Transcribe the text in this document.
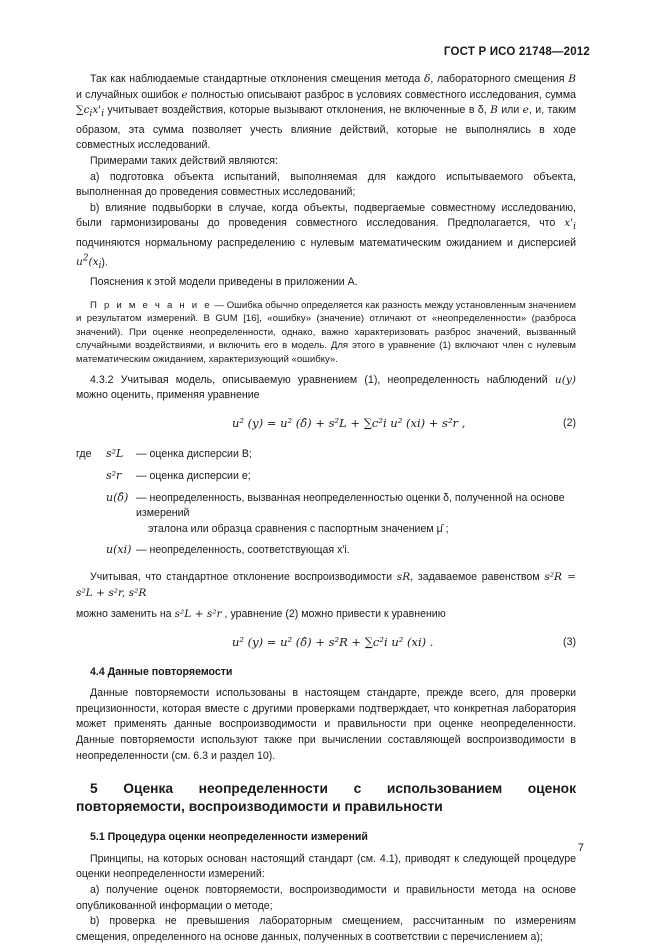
ГОСТ Р ИСО 21748—2012

Так как наблюдаемые стандартные отклонения смещения метода δ, лабораторного смещения B и случайных ошибок e полностью описывают разброс в условиях совместного исследования, сумма $\sum c_ix'_i$ учитывает воздействия, которые вызывают отклонения, не включенные в δ, B или e, и, таким образом, эта сумма позволяет учесть влияние действий, которые не выполнялись в ходе совместных исследований.

Примерами таких действий являются:

a) подготовка объекта испытаний, выполняемая для каждого испытываемого объекта, выполненная до проведения совместных исследований;

b) влияние подвыборки в случае, когда объекты, подвергаемые совместному исследованию, были гармонизированы до проведения совместного исследования. Предполагается, что $x'_i$ подчиняются нормальному распределению с нулевым математическим ожиданием и дисперсией $u^2(x_i)$.

Пояснения к этой модели приведены в приложении А.

П р и м е ч а н и е — Ошибка обычно определяется как разность между установленным значением и результатом измерений. В GUM [16], «ошибку» (значение) отличают от «неопределенности» (разброса значений). При оценке неопределенности, однако, важно характеризовать разброс значений, вызванный случайными воздействиями, и включить его в модель. Для этого в уравнение (1) включают член с нулевым математическим ожиданием, характеризующий «ошибку».

4.3.2 Учитывая модель, описываемую уравнением (1), неопределенность наблюдений u(y) можно оценить, применяя уравнение

u² (y) = u² (δ̂) + s²L + ∑c²i u² (xi) + s²r ,	(2)
где	s²L	— оценка дисперсии B;
s²r	— оценка дисперсии e;
u(δ̂) — неопределенность, вызванная неопределенностью оценки δ, полученной на основе измерений
эталона или образца сравнения с паспортным значением μ̂ ;
u(xi) — неопределенность, соответствующая x'i.

Учитывая, что стандартное отклонение воспроизводимости sR, задаваемое равенством s²R = s²L + s²r, s²R

можно заменить на s²L + s²r , уравнение (2) можно привести к уравнению

u² (y) = u² (δ̂) + s²R + ∑c²i u² (xi) .	(3)

4.4 Данные повторяемости

Данные повторяемости использованы в настоящем стандарте, прежде всего, для проверки прецизионности, которая вместе с другими проверками подтверждает, что конкретная лаборатория может применять данные воспроизводимости и правильности при оценке неопределенности. Данные повторяемости используют также при вычислении составляющей воспроизводимости в неопределенности (см. 6.3 и раздел 10).

5 Оценка неопределенности с использованием оценок повторяемости, воспроизводимости и правильности

5.1 Процедура оценки неопределенности измерений

Принципы, на которых основан настоящий стандарт (см. 4.1), приводят к следующей процедуре оценки неопределенности измерений:

a) получение оценок повторяемости, воспроизводимости и правильности метода на основе опубликованной информации о методе;

b) проверка не превышения лабораторным смещением, рассчитанным по измерениям смещения, определенного на основе данных, полученных в соответствии с перечислением a);

7
